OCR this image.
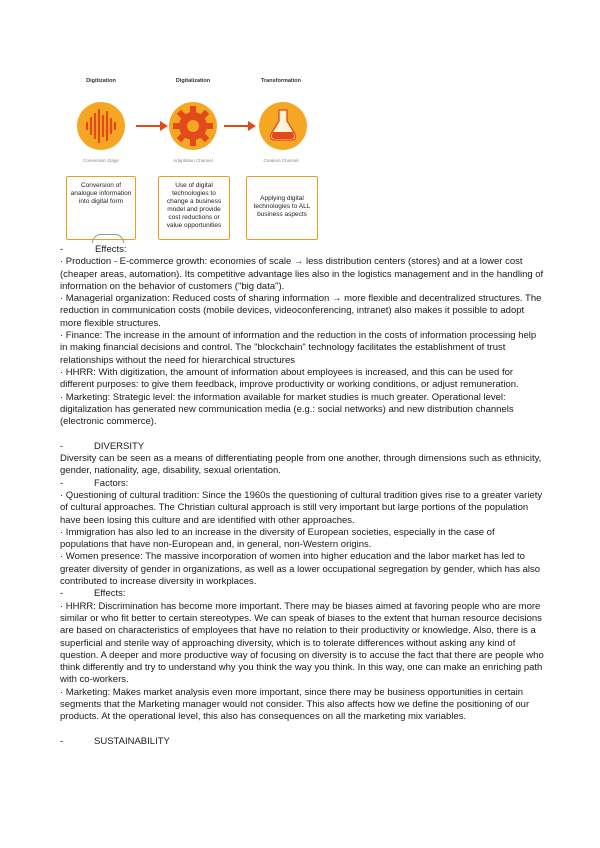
Digitization	Digitalization	Transformation
Conversion Stage	Adaptation Channel	Creation Channel
Conversion of analogue information into digital form
Use of digital technologies to change a business model and provide cost reductions or value opportunities
Applying digital technologies to ALL business aspects
-	Effects:

· Production - E-commerce growth: economies of scale → less distribution centers (stores) and at a lower cost (cheaper areas, automation). Its competitive advantage lies also in the logistics management and in the handling of information on the behavior of customers ("big data").

· Managerial organization: Reduced costs of sharing information → more flexible and decentralized structures. The reduction in communication costs (mobile devices, videoconferencing, intranet) also makes it possible to adopt more flexible structures.

· Finance: The increase in the amount of information and the reduction in the costs of information processing help in making financial decisions and control. The "blockchain" technology facilitates the establishment of trust relationships without the need for hierarchical structures

· HHRR: With digitization, the amount of information about employees is increased, and this can be used for different purposes: to give them feedback, improve productivity or working conditions, or adjust remuneration.

· Marketing: Strategic level: the information available for market studies is much greater. Operational level: digitalization has generated new communication media (e.g.: social networks) and new distribution channels (electronic commerce).

-	DIVERSITY

Diversity can be seen as a means of differentiating people from one another, through dimensions such as ethnicity, gender, nationality, age, disability, sexual orientation.

-	Factors:

· Questioning of cultural tradition: Since the 1960s the questioning of cultural tradition gives rise to a greater variety of cultural approaches. The Christian cultural approach is still very important but large portions of the population have been losing this culture and are identified with other approaches.

· Immigration has also led to an increase in the diversity of European societies, especially in the case of populations that have non-European and, in general, non-Western origins.

· Women presence: The massive incorporation of women into higher education and the labor market has led to greater diversity of gender in organizations, as well as a lower occupational segregation by gender, which has also contributed to increase diversity in workplaces.

-	Effects:

· HHRR: Discrimination has become more important. There may be biases aimed at favoring people who are more similar or who fit better to certain stereotypes. We can speak of biases to the extent that human resource decisions are based on characteristics of employees that have no relation to their productivity or knowledge. Also, there is a superficial and sterile way of approaching diversity, which is to tolerate differences without asking any kind of question. A deeper and more productive way of focusing on diversity is to accuse the fact that there are people who think differently and try to understand why you think the way you think. In this way, one can make an enriching path with co-workers.

· Marketing: Makes market analysis even more important, since there may be business opportunities in certain segments that the Marketing manager would not consider. This also affects how we define the positioning of our products. At the operational level, this also has consequences on all the marketing mix variables.

-	SUSTAINABILITY
